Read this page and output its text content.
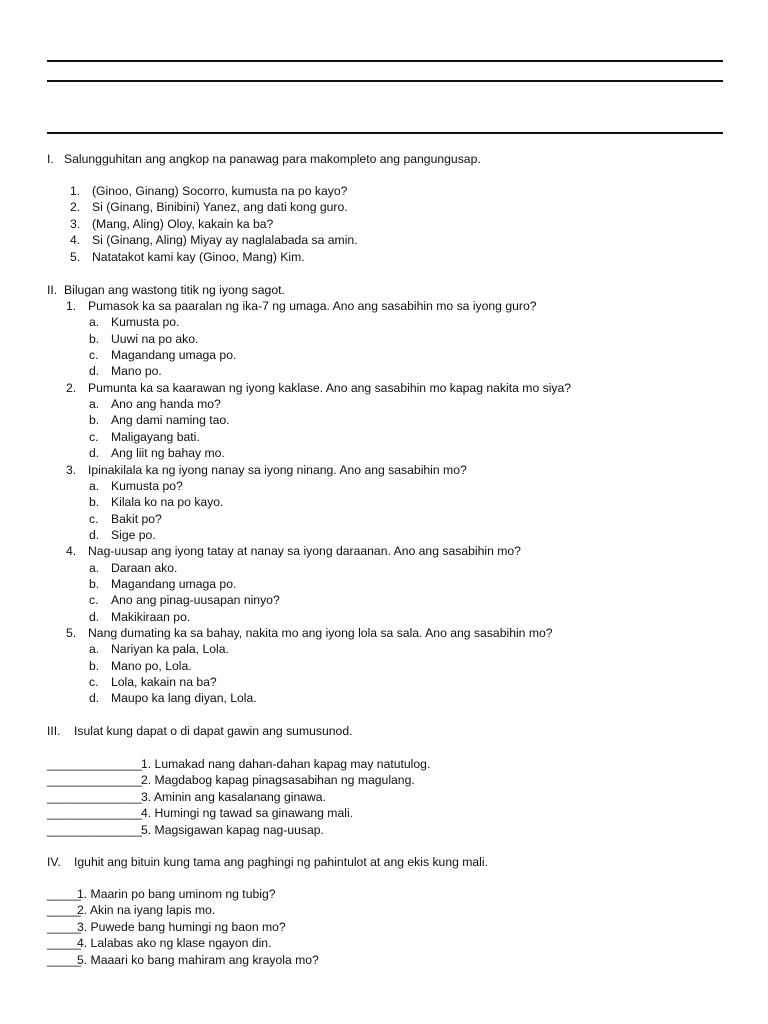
I. Salungguhitan ang angkop na panawag para makompleto ang pangungusap.
1. (Ginoo, Ginang) Socorro, kumusta na po kayo?
2. Si (Ginang, Binibini) Yanez, ang dati kong guro.
3. (Mang, Aling) Oloy, kakain ka ba?
4. Si (Ginang, Aling) Miyay ay naglalabada sa amin.
5. Natatakot kami kay (Ginoo, Mang) Kim.
II. Bilugan ang wastong titik ng iyong sagot.
1. Pumasok ka sa paaralan ng ika-7 ng umaga. Ano ang sasabihin mo sa iyong guro?
a. Kumusta po.
b. Uuwi na po ako.
c. Magandang umaga po.
d. Mano po.
2. Pumunta ka sa kaarawan ng iyong kaklase. Ano ang sasabihin mo kapag nakita mo siya?
a. Ano ang handa mo?
b. Ang dami naming tao.
c. Maligayang bati.
d. Ang liit ng bahay mo.
3. Ipinakilala ka ng iyong nanay sa iyong ninang. Ano ang sasabihin mo?
a. Kumusta po?
b. Kilala ko na po kayo.
c. Bakit po?
d. Sige po.
4. Nag-uusap ang iyong tatay at nanay sa iyong daraanan. Ano ang sasabihin mo?
a. Daraan ako.
b. Magandang umaga po.
c. Ano ang pinag-uusapan ninyo?
d. Makikiraan po.
5. Nang dumating ka sa bahay, nakita mo ang iyong lola sa sala. Ano ang sasabihin mo?
a. Nariyan ka pala, Lola.
b. Mano po, Lola.
c. Lola, kakain na ba?
d. Maupo ka lang diyan, Lola.
III. Isulat kung dapat o di dapat gawin ang sumusunod.
______________1. Lumakad nang dahan-dahan kapag may natutulog.
______________2. Magdabog kapag pinagsasabihan ng magulang.
______________3. Aminin ang kasalanang ginawa.
______________4. Humingi ng tawad sa ginawang mali.
______________5. Magsigawan kapag nag-uusap.
IV. Iguhit ang bituin kung tama ang paghingi ng pahintulot at ang ekis kung mali.
_____1. Maarin po bang uminom ng tubig?
_____2. Akin na iyang lapis mo.
_____3. Puwede bang humingi ng baon mo?
_____4. Lalabas ako ng klase ngayon din.
_____5. Maaari ko bang mahiram ang krayola mo?
